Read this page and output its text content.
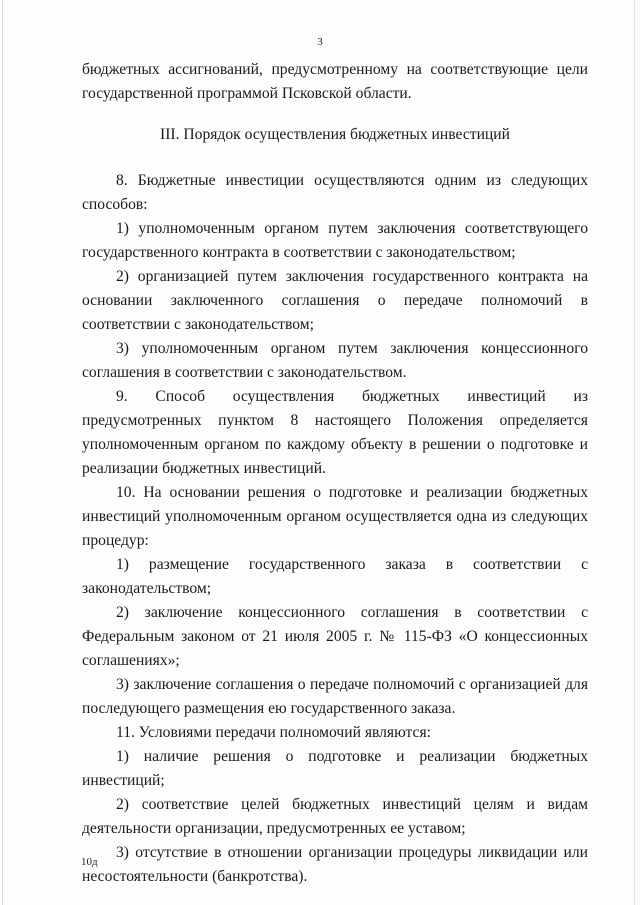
3

бюджетных ассигнований, предусмотренному на соответствующие цели государственной программой Псковской области.

III. Порядок осуществления бюджетных инвестиций

8. Бюджетные инвестиции осуществляются одним из следующих способов:

1) уполномоченным органом путем заключения соответствующего государственного контракта в соответствии с законодательством;

2) организацией путем заключения государственного контракта на основании заключенного соглашения о передаче полномочий в соответствии с законодательством;

3) уполномоченным органом путем заключения концессионного соглашения в соответствии с законодательством.

9. Способ осуществления бюджетных инвестиций из предусмотренных пунктом 8 настоящего Положения определяется уполномоченным органом по каждому объекту в решении о подготовке и реализации бюджетных инвестиций.

10. На основании решения о подготовке и реализации бюджетных инвестиций уполномоченным органом осуществляется одна из следующих процедур:

1) размещение государственного заказа в соответствии с законодательством;

2) заключение концессионного соглашения в соответствии с Федеральным законом от 21 июля 2005 г. № 115-ФЗ «О концессионных соглашениях»;

3) заключение соглашения о передаче полномочий с организацией для последующего размещения ею государственного заказа.

11. Условиями передачи полномочий являются:

1) наличие решения о подготовке и реализации бюджетных инвестиций;

2) соответствие целей бюджетных инвестиций целям и видам деятельности организации, предусмотренных ее уставом;

3) отсутствие в отношении организации процедуры ликвидации или несостоятельности (банкротства).

10д
